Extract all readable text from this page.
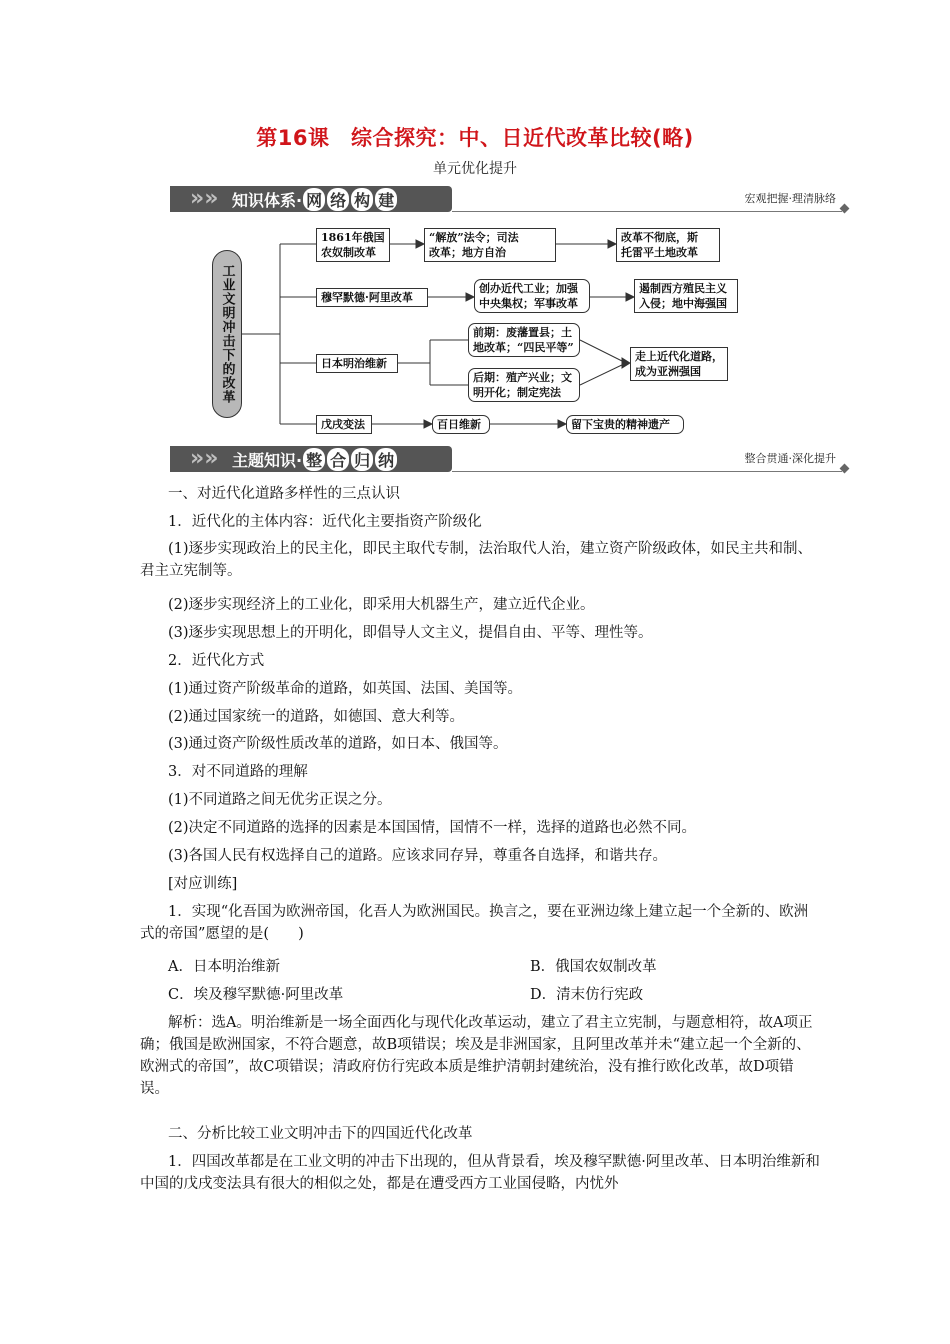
第16课　综合探究：中、日近代改革比较(略)
单元优化提升
»» 知识体系· 网 络 构 建	宏观把握·理清脉络
工业文明冲击下的改革
1861年俄国
农奴制改革
“解放”法令；司法
改革；地方自治
改革不彻底，斯
托雷平土地改革
穆罕默德·阿里改革
创办近代工业；加强
中央集权；军事改革
遏制西方殖民主义
入侵；地中海强国
日本明治维新
前期：废藩置县；土
地改革；“四民平等”
后期：殖产兴业；文
明开化；制定宪法
走上近代化道路，
成为亚洲强国
戊戌变法	百日维新	留下宝贵的精神遗产
»» 主题知识· 整 合 归 纳	整合贯通·深化提升
一、对近代化道路多样性的三点认识
1．近代化的主体内容：近代化主要指资产阶级化
(1)逐步实现政治上的民主化，即民主取代专制，法治取代人治，建立资产阶级政体，如民主共和制、君主立宪制等。
(2)逐步实现经济上的工业化，即采用大机器生产，建立近代企业。
(3)逐步实现思想上的开明化，即倡导人文主义，提倡自由、平等、理性等。
2．近代化方式
(1)通过资产阶级革命的道路，如英国、法国、美国等。
(2)通过国家统一的道路，如德国、意大利等。
(3)通过资产阶级性质改革的道路，如日本、俄国等。
3．对不同道路的理解
(1)不同道路之间无优劣正误之分。
(2)决定不同道路的选择的因素是本国国情，国情不一样，选择的道路也必然不同。
(3)各国人民有权选择自己的道路。应该求同存异，尊重各自选择，和谐共存。
[对应训练]
1．实现“化吾国为欧洲帝国，化吾人为欧洲国民。换言之，要在亚洲边缘上建立起一个全新的、欧洲式的帝国”愿望的是(　　)
A．日本明治维新	B．俄国农奴制改革
C．埃及穆罕默德·阿里改革	D．清末仿行宪政
解析：选A。明治维新是一场全面西化与现代化改革运动，建立了君主立宪制，与题意相符，故A项正确；俄国是欧洲国家，不符合题意，故B项错误；埃及是非洲国家，且阿里改革并未“建立起一个全新的、欧洲式的帝国”，故C项错误；清政府仿行宪政本质是维护清朝封建统治，没有推行欧化改革，故D项错误。
二、分析比较工业文明冲击下的四国近代化改革
1．四国改革都是在工业文明的冲击下出现的，但从背景看，埃及穆罕默德·阿里改革、日本明治维新和中国的戊戌变法具有很大的相似之处，都是在遭受西方工业国侵略，内忧外
